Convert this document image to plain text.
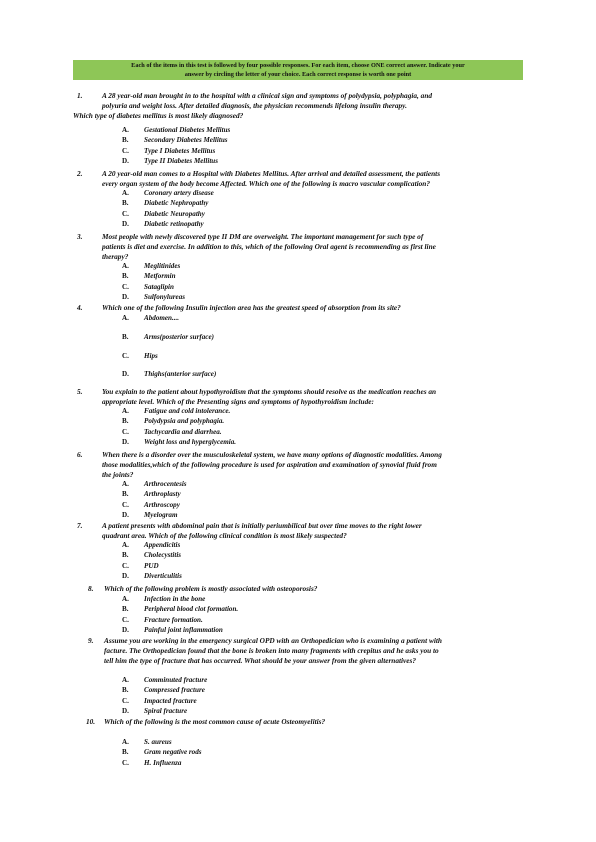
Each of the items in this test is followed by four possible responses. For each item, choose ONE correct answer. Indicate your
answer by circling the letter of your choice. Each correct response is worth one point
1.	A 28 year-old man brought in to the hospital with a clinical sign and symptoms of polydypsia, polyphagia, and
polyuria and weight loss. After detailed diagnosis, the physician recommends lifelong insulin therapy.
Which type of diabetes mellitus is most likely diagnosed?
A. Gestational Diabetes Mellitus
B. Secondary Diabetes Mellitus
C. Type I Diabetes Mellitus
D. Type II Diabetes Mellitus
2.	A 20 year-old man comes to a Hospital with Diabetes Mellitus. After arrival and detailed assessment, the patients
every organ system of the body become Affected. Which one of the following is macro vascular complication?
A. Coronary artery disease
B. Diabetic Nephropathy
C. Diabetic Neuropathy
D. Diabetic retinopathy
3.	Most people with newly discovered type II DM are overweight. The important management for such type of
patients is diet and exercise. In addition to this, which of the following Oral agent is recommending as first line
therapy?
A. Meglitinides
B. Metformin
C. Sataglipin
D. Sulfonylureas
4.	Which one of the following Insulin injection area has the greatest speed of absorption from its site?
A. Abdomen....
B. Arms(posterior surface)
C. Hips
D. Thighs(anterior surface)
5.	You explain to the patient about hypothyroidism that the symptoms should resolve as the medication reaches an
appropriate level. Which of the Presenting signs and symptoms of hypothyroidism include:
A. Fatigue and cold intolerance.
B. Polydypsia and polyphagia.
C. Tachycardia and diarrhea.
D. Weight loss and hyperglycemia.
6.	When there is a disorder over the musculoskeletal system, we have many options of diagnostic modalities. Among
those modalities,which of the following procedure is used for aspiration and examination of synovial fluid from
the joints?
A. Arthrocentesis
B. Arthroplasty
C. Arthroscopy
D. Myelogram
7.	A patient presents with abdominal pain that is initially periumbilical but over time moves to the right lower
quadrant area. Which of the following clinical condition is most likely suspected?
A. Appendicitis
B. Cholecystitis
C. PUD
D. Diverticulitis
8. Which of the following problem is mostly associated with osteoporosis?
A. Infection in the bone
B. Peripheral blood clot formation.
C. Fracture formation.
D. Painful joint inflammation
9. Assume you are working in the emergency surgical OPD with an Orthopedician who is examining a patient with
facture. The Orthopedician found that the bone is broken into many fragments with crepitus and he asks you to
tell him the type of fracture that has occurred. What should be your answer from the given alternatives?
A. Comminuted fracture
B. Compressed fracture
C. Impacted fracture
D. Spiral fracture
10. Which of the following is the most common cause of acute Osteomyelitis?
A. S. aureus
B. Gram negative rods
C. H. Influenza
